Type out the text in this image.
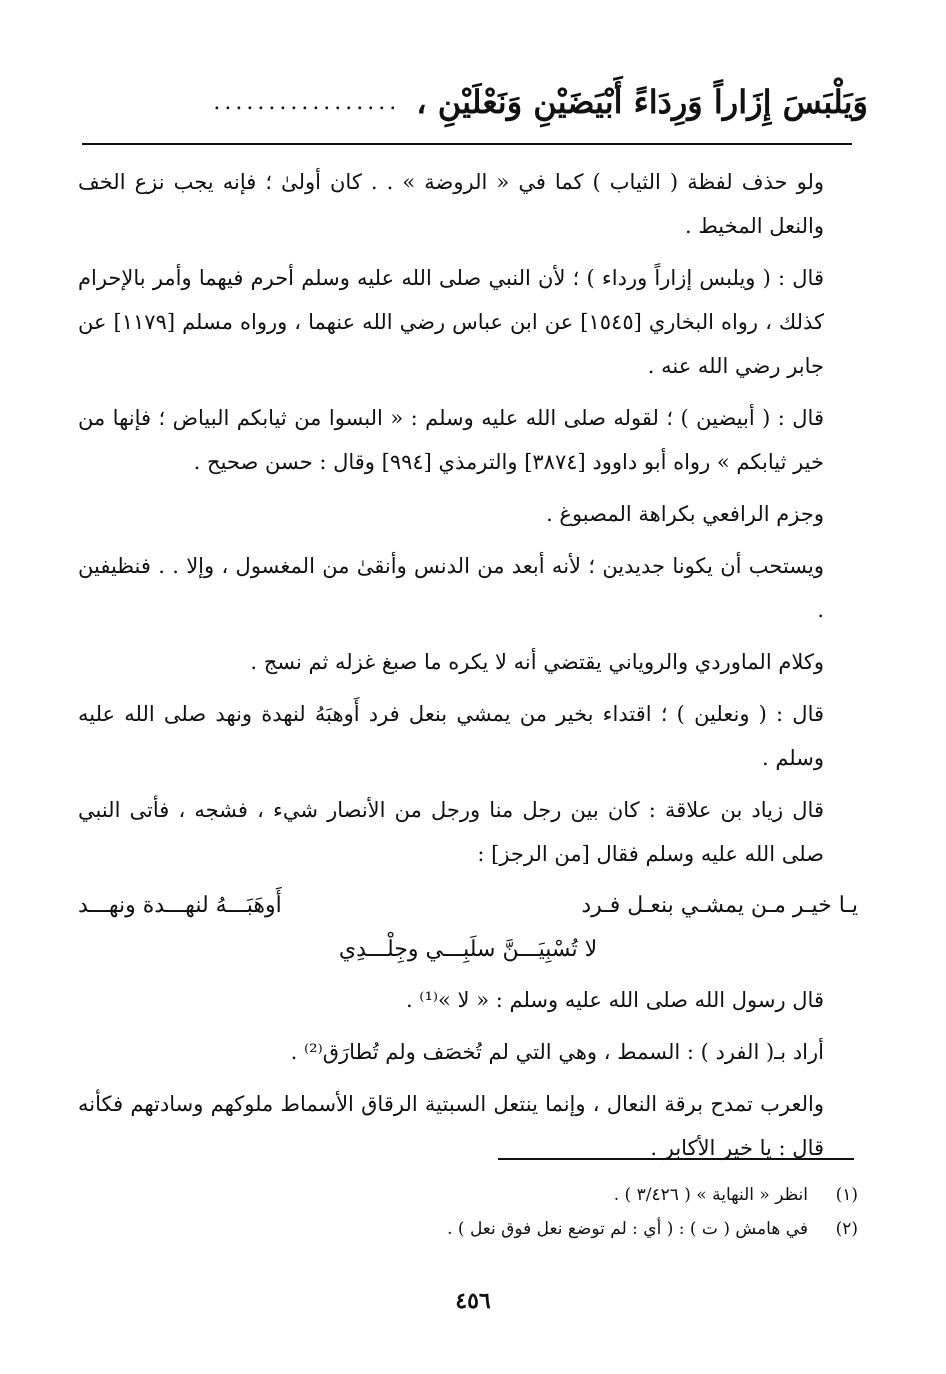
وَيَلْبَسَ إِزَاراً وَرِدَاءً أَبْيَضَيْنِ وَنَعْلَيْنِ ،
.................

ولو حذف لفظة ( الثياب ) كما في « الروضة » . . كان أولىٰ ؛ فإنه يجب نزع الخف والنعل المخيط .

قال : ( ويلبس إزاراً ورداء ) ؛ لأن النبي صلى الله عليه وسلم أحرم فيهما وأمر بالإحرام كذلك ، رواه البخاري [١٥٤٥] عن ابن عباس رضي الله عنهما ، ورواه مسلم [١١٧٩] عن جابر رضي الله عنه .

قال : ( أبيضين ) ؛ لقوله صلى الله عليه وسلم : « البسوا من ثيابكم البياض ؛ فإنها من خير ثيابكم » رواه أبو داوود [٣٨٧٤] والترمذي [٩٩٤] وقال : حسن صحيح .

وجزم الرافعي بكراهة المصبوغ .

ويستحب أن يكونا جديدين ؛ لأنه أبعد من الدنس وأنقىٰ من المغسول ، وإلا . . فنظيفين .

وكلام الماوردي والروياني يقتضي أنه لا يكره ما صبغ غزله ثم نسج .

قال : ( ونعلين ) ؛ اقتداء بخير من يمشي بنعل فرد أَوهبَهُ لنهدة ونهد صلى الله عليه وسلم .

قال زياد بن علاقة : كان بين رجل منا ورجل من الأنصار شيء ، فشجه ، فأتى النبي صلى الله عليه وسلم فقال [من الرجز] :

يـا خيـر مـن يمشـي بنعـل فـرد
أَوهَبَـــهُ لنهـــدة ونهـــد
لا تُسْبِيَـــنَّ سلَبِـــي وجِلْـــدِي

قال رسول الله صلى الله عليه وسلم : « لا »⁽¹⁾ .

أراد بـ( الفرد ) : السمط ، وهي التي لم تُخصَف ولم تُطارَق⁽²⁾ .

والعرب تمدح برقة النعال ، وإنما ينتعل السبتية الرقاق الأسماط ملوكهم وسادتهم فكأنه قال : يا خير الأكابر .

(١)
انظر « النهاية » ( ٣/٤٢٦ ) .
(٢)
في هامش ( ت ) : ( أي : لم توضع نعل فوق نعل ) .
٤٥٦
